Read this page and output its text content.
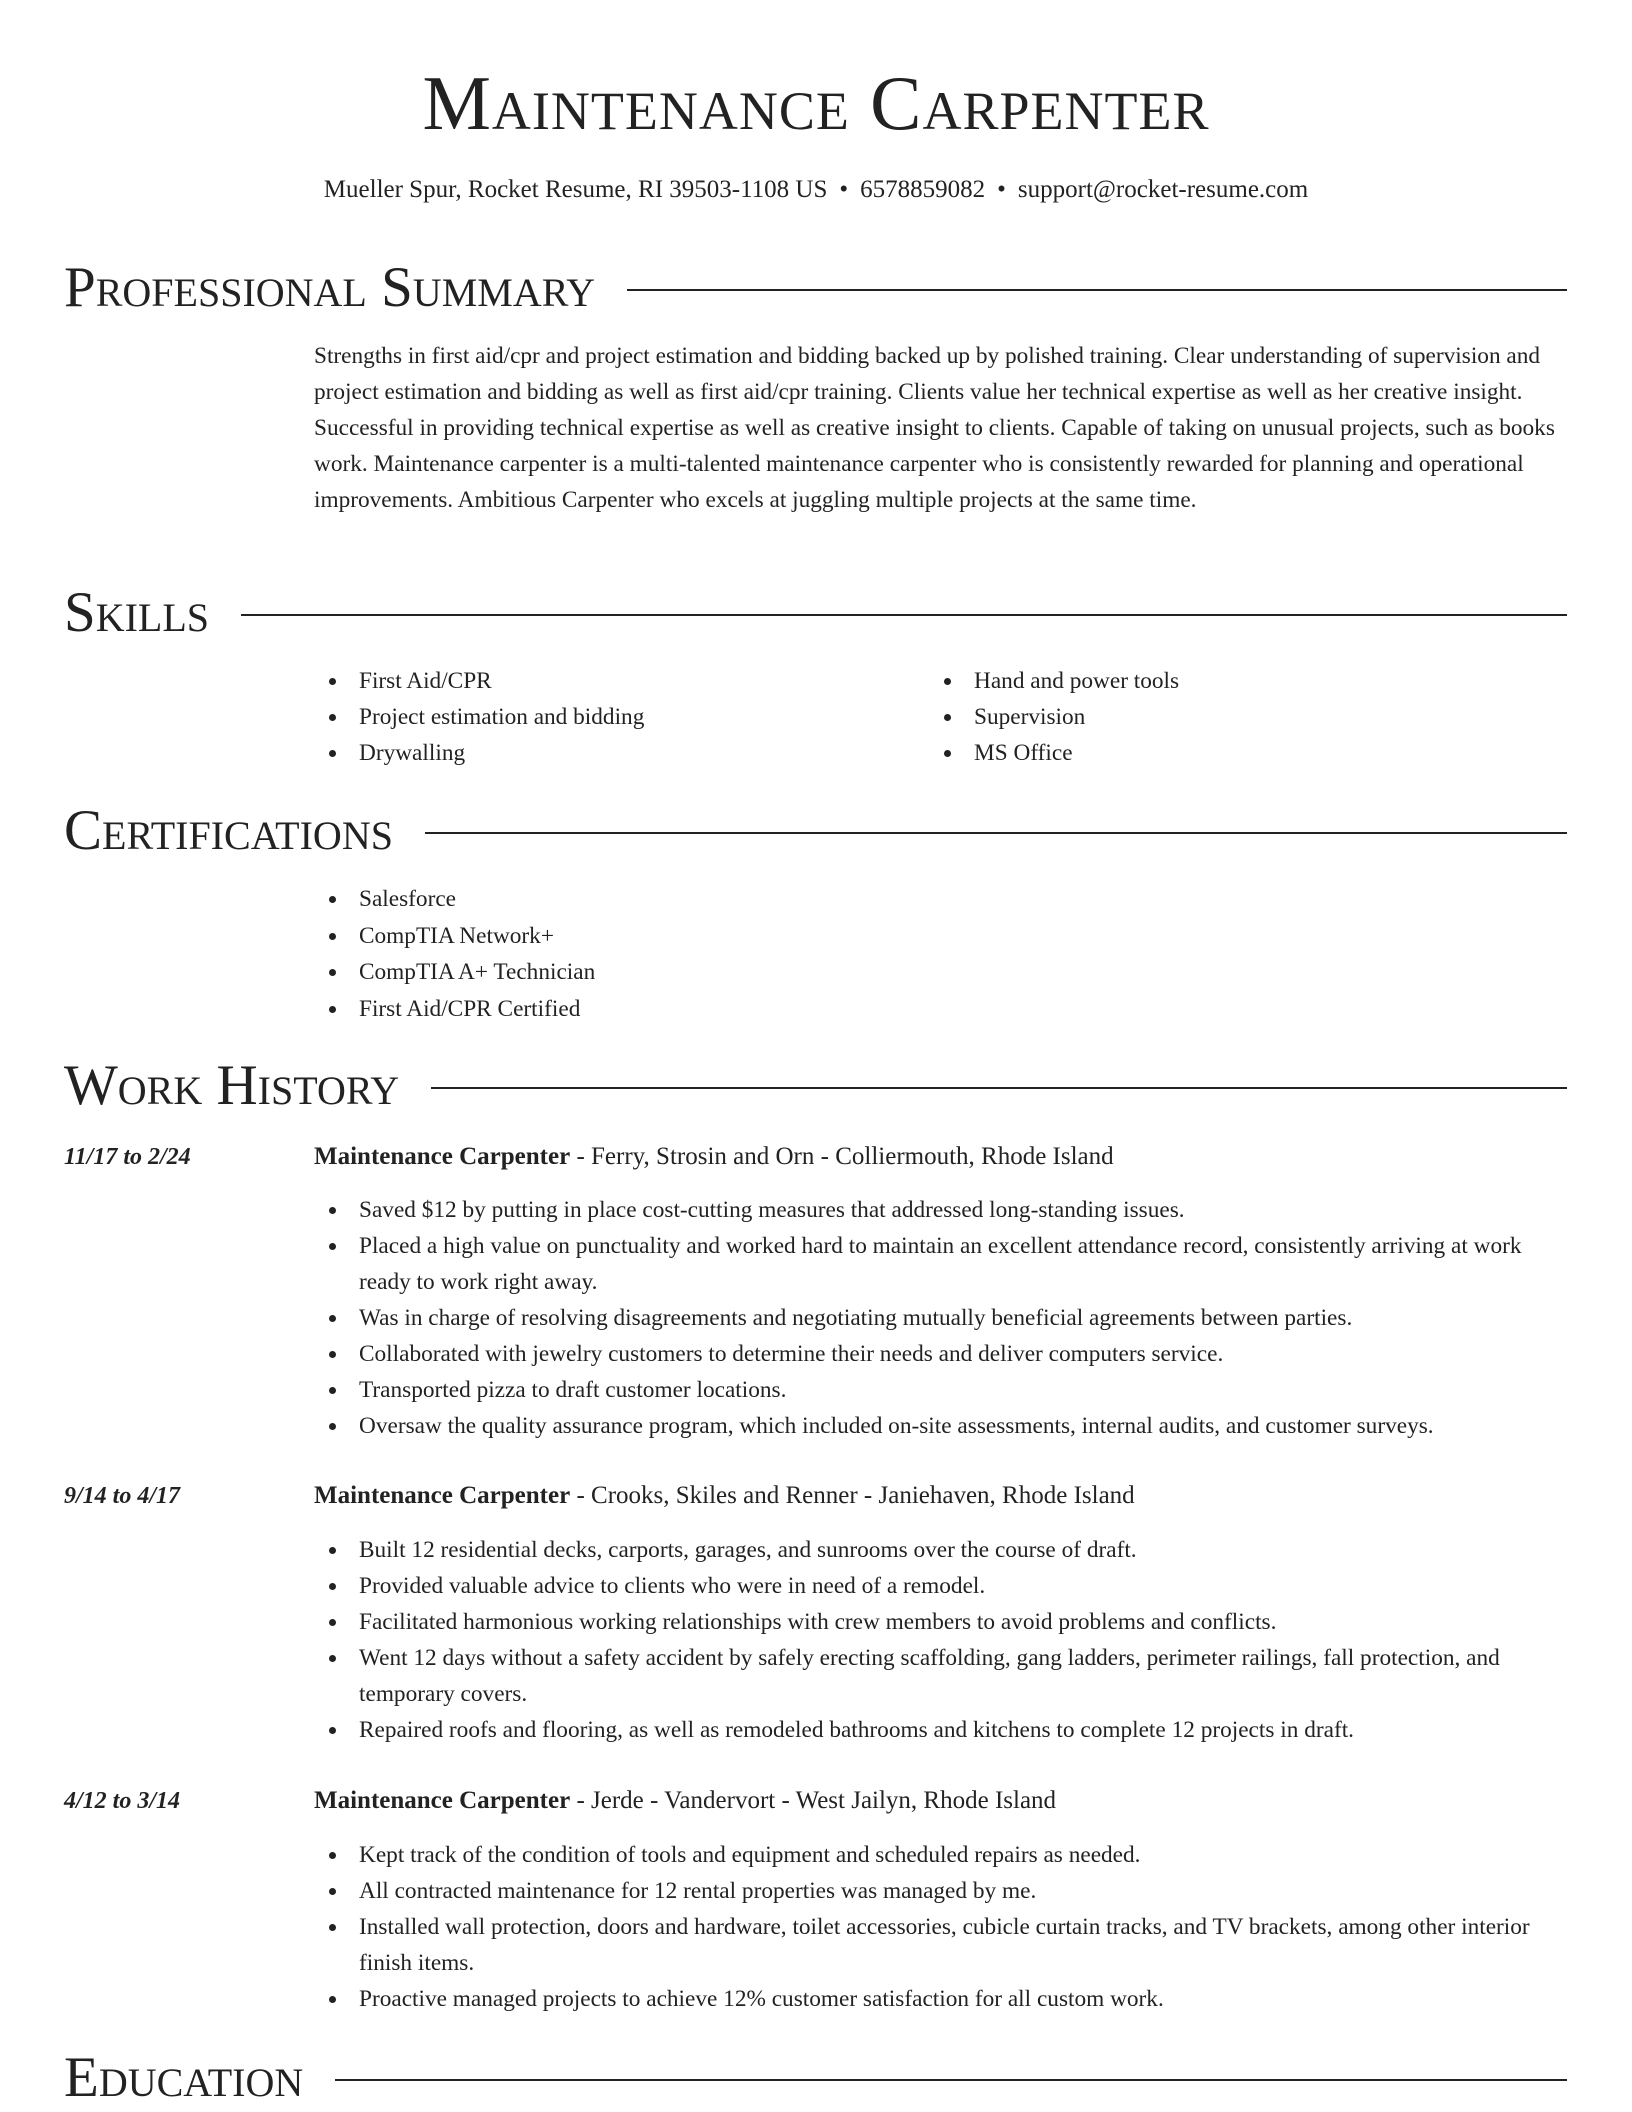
Maintenance Carpenter
Mueller Spur, Rocket Resume, RI 39503-1108 US • 6578859082 • support@rocket-resume.com
Professional Summary

Strengths in first aid/cpr and project estimation and bidding backed up by polished training. Clear understanding of supervision and project estimation and bidding as well as first aid/cpr training. Clients value her technical expertise as well as her creative insight. Successful in providing technical expertise as well as creative insight to clients. Capable of taking on unusual projects, such as books work. Maintenance carpenter is a multi-talented maintenance carpenter who is consistently rewarded for planning and operational improvements. Ambitious Carpenter who excels at juggling multiple projects at the same time.

Skills
First Aid/CPR
Project estimation and bidding
Drywalling
Hand and power tools
Supervision
MS Office
Certifications
Salesforce
CompTIA Network+
CompTIA A+ Technician
First Aid/CPR Certified
Work History
11/17 to 2/24	Maintenance Carpenter - Ferry, Strosin and Orn - Colliermouth, Rhode Island
Saved $12 by putting in place cost-cutting measures that addressed long-standing issues.
Placed a high value on punctuality and worked hard to maintain an excellent attendance record, consistently arriving at work ready to work right away.
Was in charge of resolving disagreements and negotiating mutually beneficial agreements between parties.
Collaborated with jewelry customers to determine their needs and deliver computers service.
Transported pizza to draft customer locations.
Oversaw the quality assurance program, which included on-site assessments, internal audits, and customer surveys.
9/14 to 4/17	Maintenance Carpenter - Crooks, Skiles and Renner - Janiehaven, Rhode Island
Built 12 residential decks, carports, garages, and sunrooms over the course of draft.
Provided valuable advice to clients who were in need of a remodel.
Facilitated harmonious working relationships with crew members to avoid problems and conflicts.
Went 12 days without a safety accident by safely erecting scaffolding, gang ladders, perimeter railings, fall protection, and temporary covers.
Repaired roofs and flooring, as well as remodeled bathrooms and kitchens to complete 12 projects in draft.
4/12 to 3/14	Maintenance Carpenter - Jerde - Vandervort - West Jailyn, Rhode Island
Kept track of the condition of tools and equipment and scheduled repairs as needed.
All contracted maintenance for 12 rental properties was managed by me.
Installed wall protection, doors and hardware, toilet accessories, cubicle curtain tracks, and TV brackets, among other interior finish items.
Proactive managed projects to achieve 12% customer satisfaction for all custom work.
Education
